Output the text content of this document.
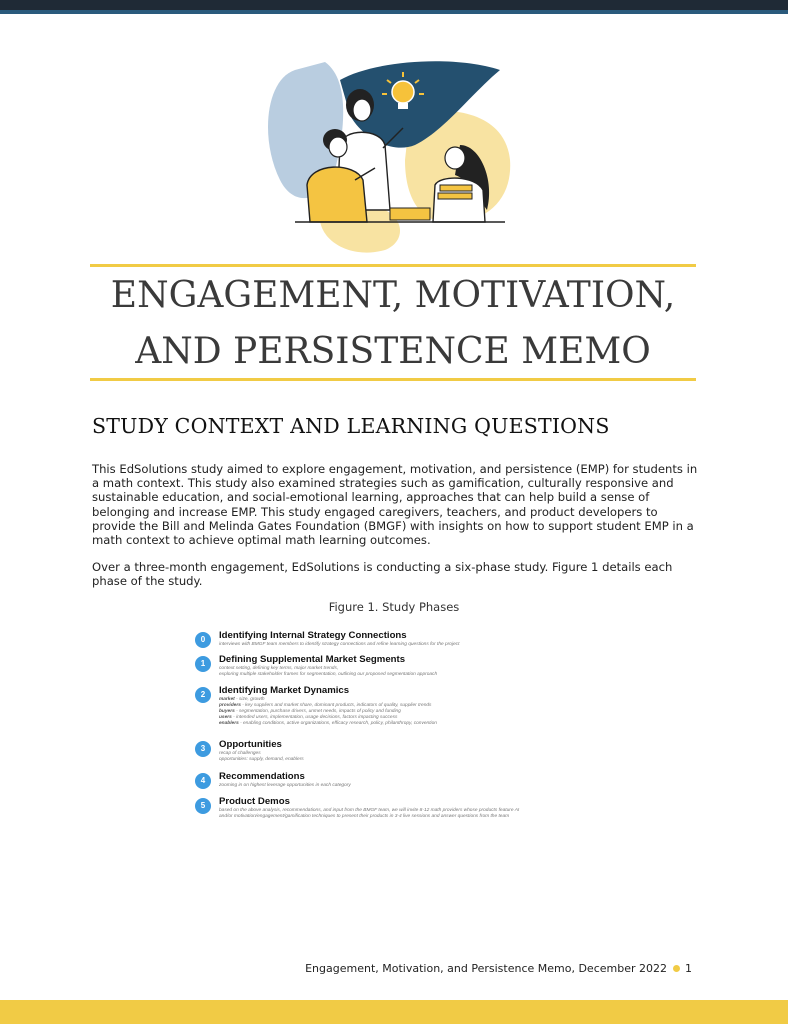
ENGAGEMENT, MOTIVATION,
AND PERSISTENCE MEMO
STUDY CONTEXT AND LEARNING QUESTIONS

This EdSolutions study aimed to explore engagement, motivation, and persistence (EMP) for students in a math context. This study also examined strategies such as gamification, culturally responsive and sustainable education, and social-emotional learning, approaches that can help build a sense of belonging and increase EMP. This study engaged caregivers, teachers, and product developers to provide the Bill and Melinda Gates Foundation (BMGF) with insights on how to support student EMP in a math context to achieve optimal math learning outcomes.

Over a three-month engagement, EdSolutions is conducting a six-phase study. Figure 1 details each phase of the study.

Figure 1. Study Phases
0	Identifying Internal Strategy Connections
interviews with BMGF team members to identify strategy connections and refine learning questions for the project
1	Defining Supplemental Market Segments
context setting, defining key terms, major market trends,
exploring multiple stakeholder frames for segmentation, outlining our proposed segmentation approach
2	Identifying Market Dynamics
market - size, growth
providers - key suppliers and market share, dominant products, indicators of quality, supplier trends
buyers - segmentation, purchase drivers, unmet needs, impacts of policy and funding
users - intended users, implementation, usage decisions, factors impacting success
enablers - enabling conditions, active organizations, efficacy research, policy, philanthropy, convention
3	Opportunities
recap of challenges
opportunities: supply, demand, enablers
4	Recommendations
zooming in on highest leverage opportunities in each category
5	Product Demos
based on the above analysis, recommendations, and input from the BMGF team, we will invite 8-12 math providers whose products feature AI
and/or motivation/engagement/gamification techniques to present their products in 3-4 live sessions and answer questions from the team
Engagement, Motivation, and Persistence Memo, December 2022 1
